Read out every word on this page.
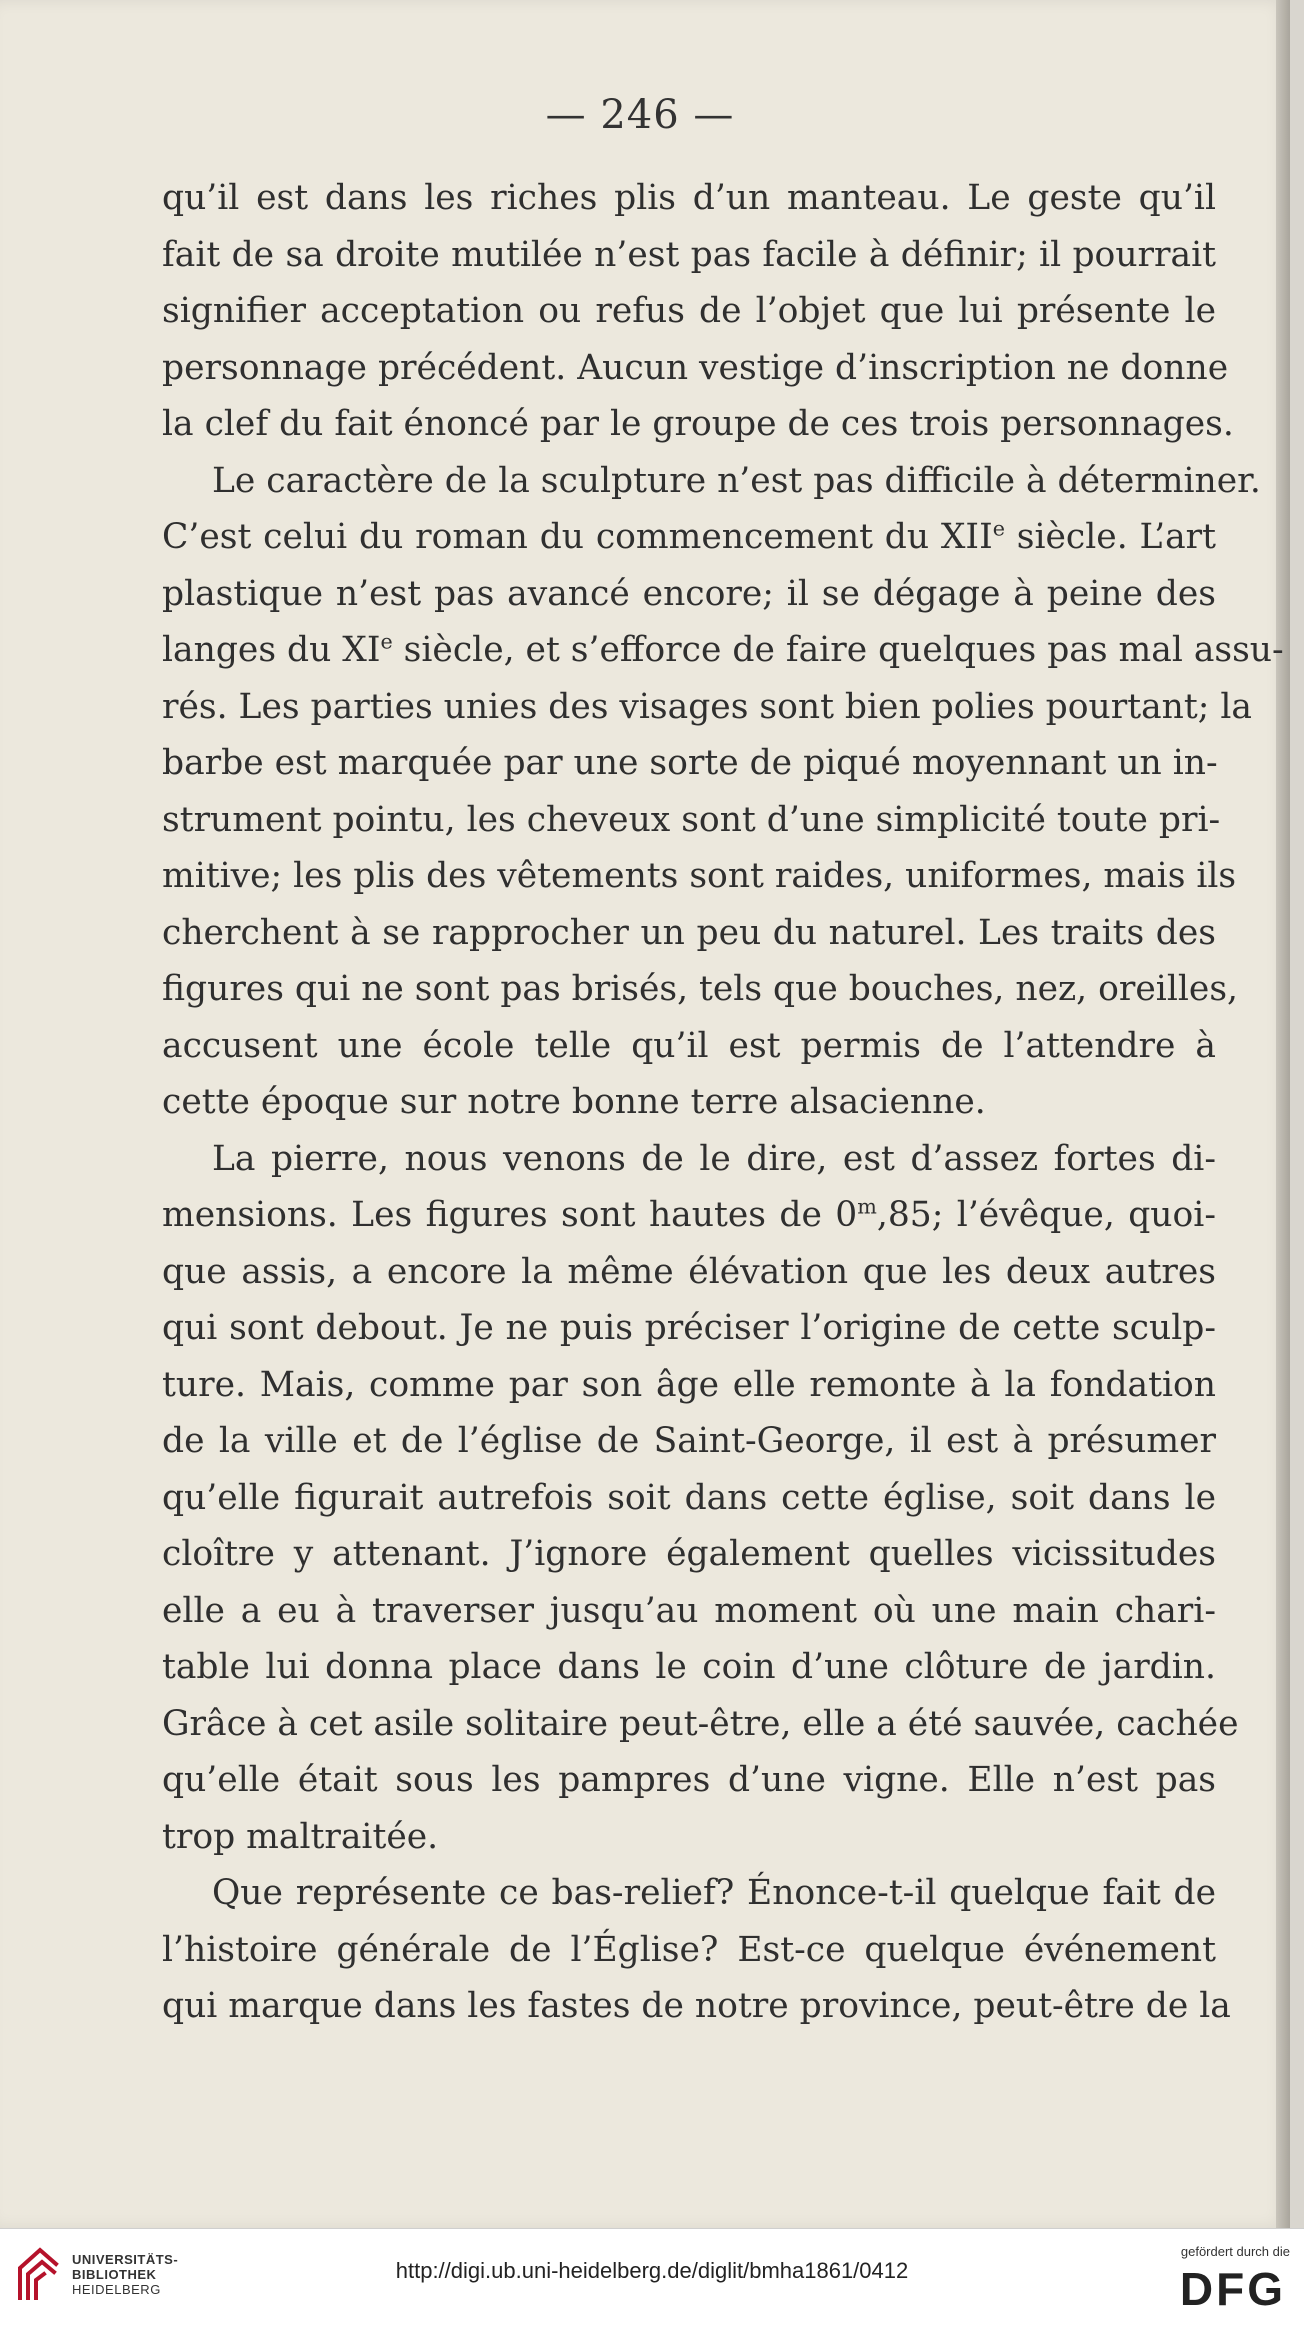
— 246 —
qu’il est dans les riches plis d’un manteau. Le geste qu’il
fait de sa droite mutilée n’est pas facile à définir; il pourrait
signifier acceptation ou refus de l’objet que lui présente le
personnage précédent. Aucun vestige d’inscription ne donne
la clef du fait énoncé par le groupe de ces trois personnages.
Le caractère de la sculpture n’est pas difficile à déterminer.
C’est celui du roman du commencement du XIIe siècle. L’art
plastique n’est pas avancé encore; il se dégage à peine des
langes du XIe siècle, et s’efforce de faire quelques pas mal assu-
rés. Les parties unies des visages sont bien polies pourtant; la
barbe est marquée par une sorte de piqué moyennant un in-
strument pointu, les cheveux sont d’une simplicité toute pri-
mitive; les plis des vêtements sont raides, uniformes, mais ils
cherchent à se rapprocher un peu du naturel. Les traits des
figures qui ne sont pas brisés, tels que bouches, nez, oreilles,
accusent une école telle qu’il est permis de l’attendre à
cette époque sur notre bonne terre alsacienne.
La pierre, nous venons de le dire, est d’assez fortes di-
mensions. Les figures sont hautes de 0$^m$,85; l’évêque, quoi-
que assis, a encore la même élévation que les deux autres
qui sont debout. Je ne puis préciser l’origine de cette sculp-
ture. Mais, comme par son âge elle remonte à la fondation
de la ville et de l’église de Saint-George, il est à présumer
qu’elle figurait autrefois soit dans cette église, soit dans le
cloître y attenant. J’ignore également quelles vicissitudes
elle a eu à traverser jusqu’au moment où une main chari-
table lui donna place dans le coin d’une clôture de jardin.
Grâce à cet asile solitaire peut-être, elle a été sauvée, cachée
qu’elle était sous les pampres d’une vigne. Elle n’est pas
trop maltraitée.
Que représente ce bas-relief? Énonce-t-il quelque fait de
l’histoire générale de l’Église? Est-ce quelque événement
qui marque dans les fastes de notre province, peut-être de la
UNIVERSITÄTS-
BIBLIOTHEK
HEIDELBERG
http://digi.ub.uni-heidelberg.de/diglit/bmha1861/0412
gefördert durch die
DFG
